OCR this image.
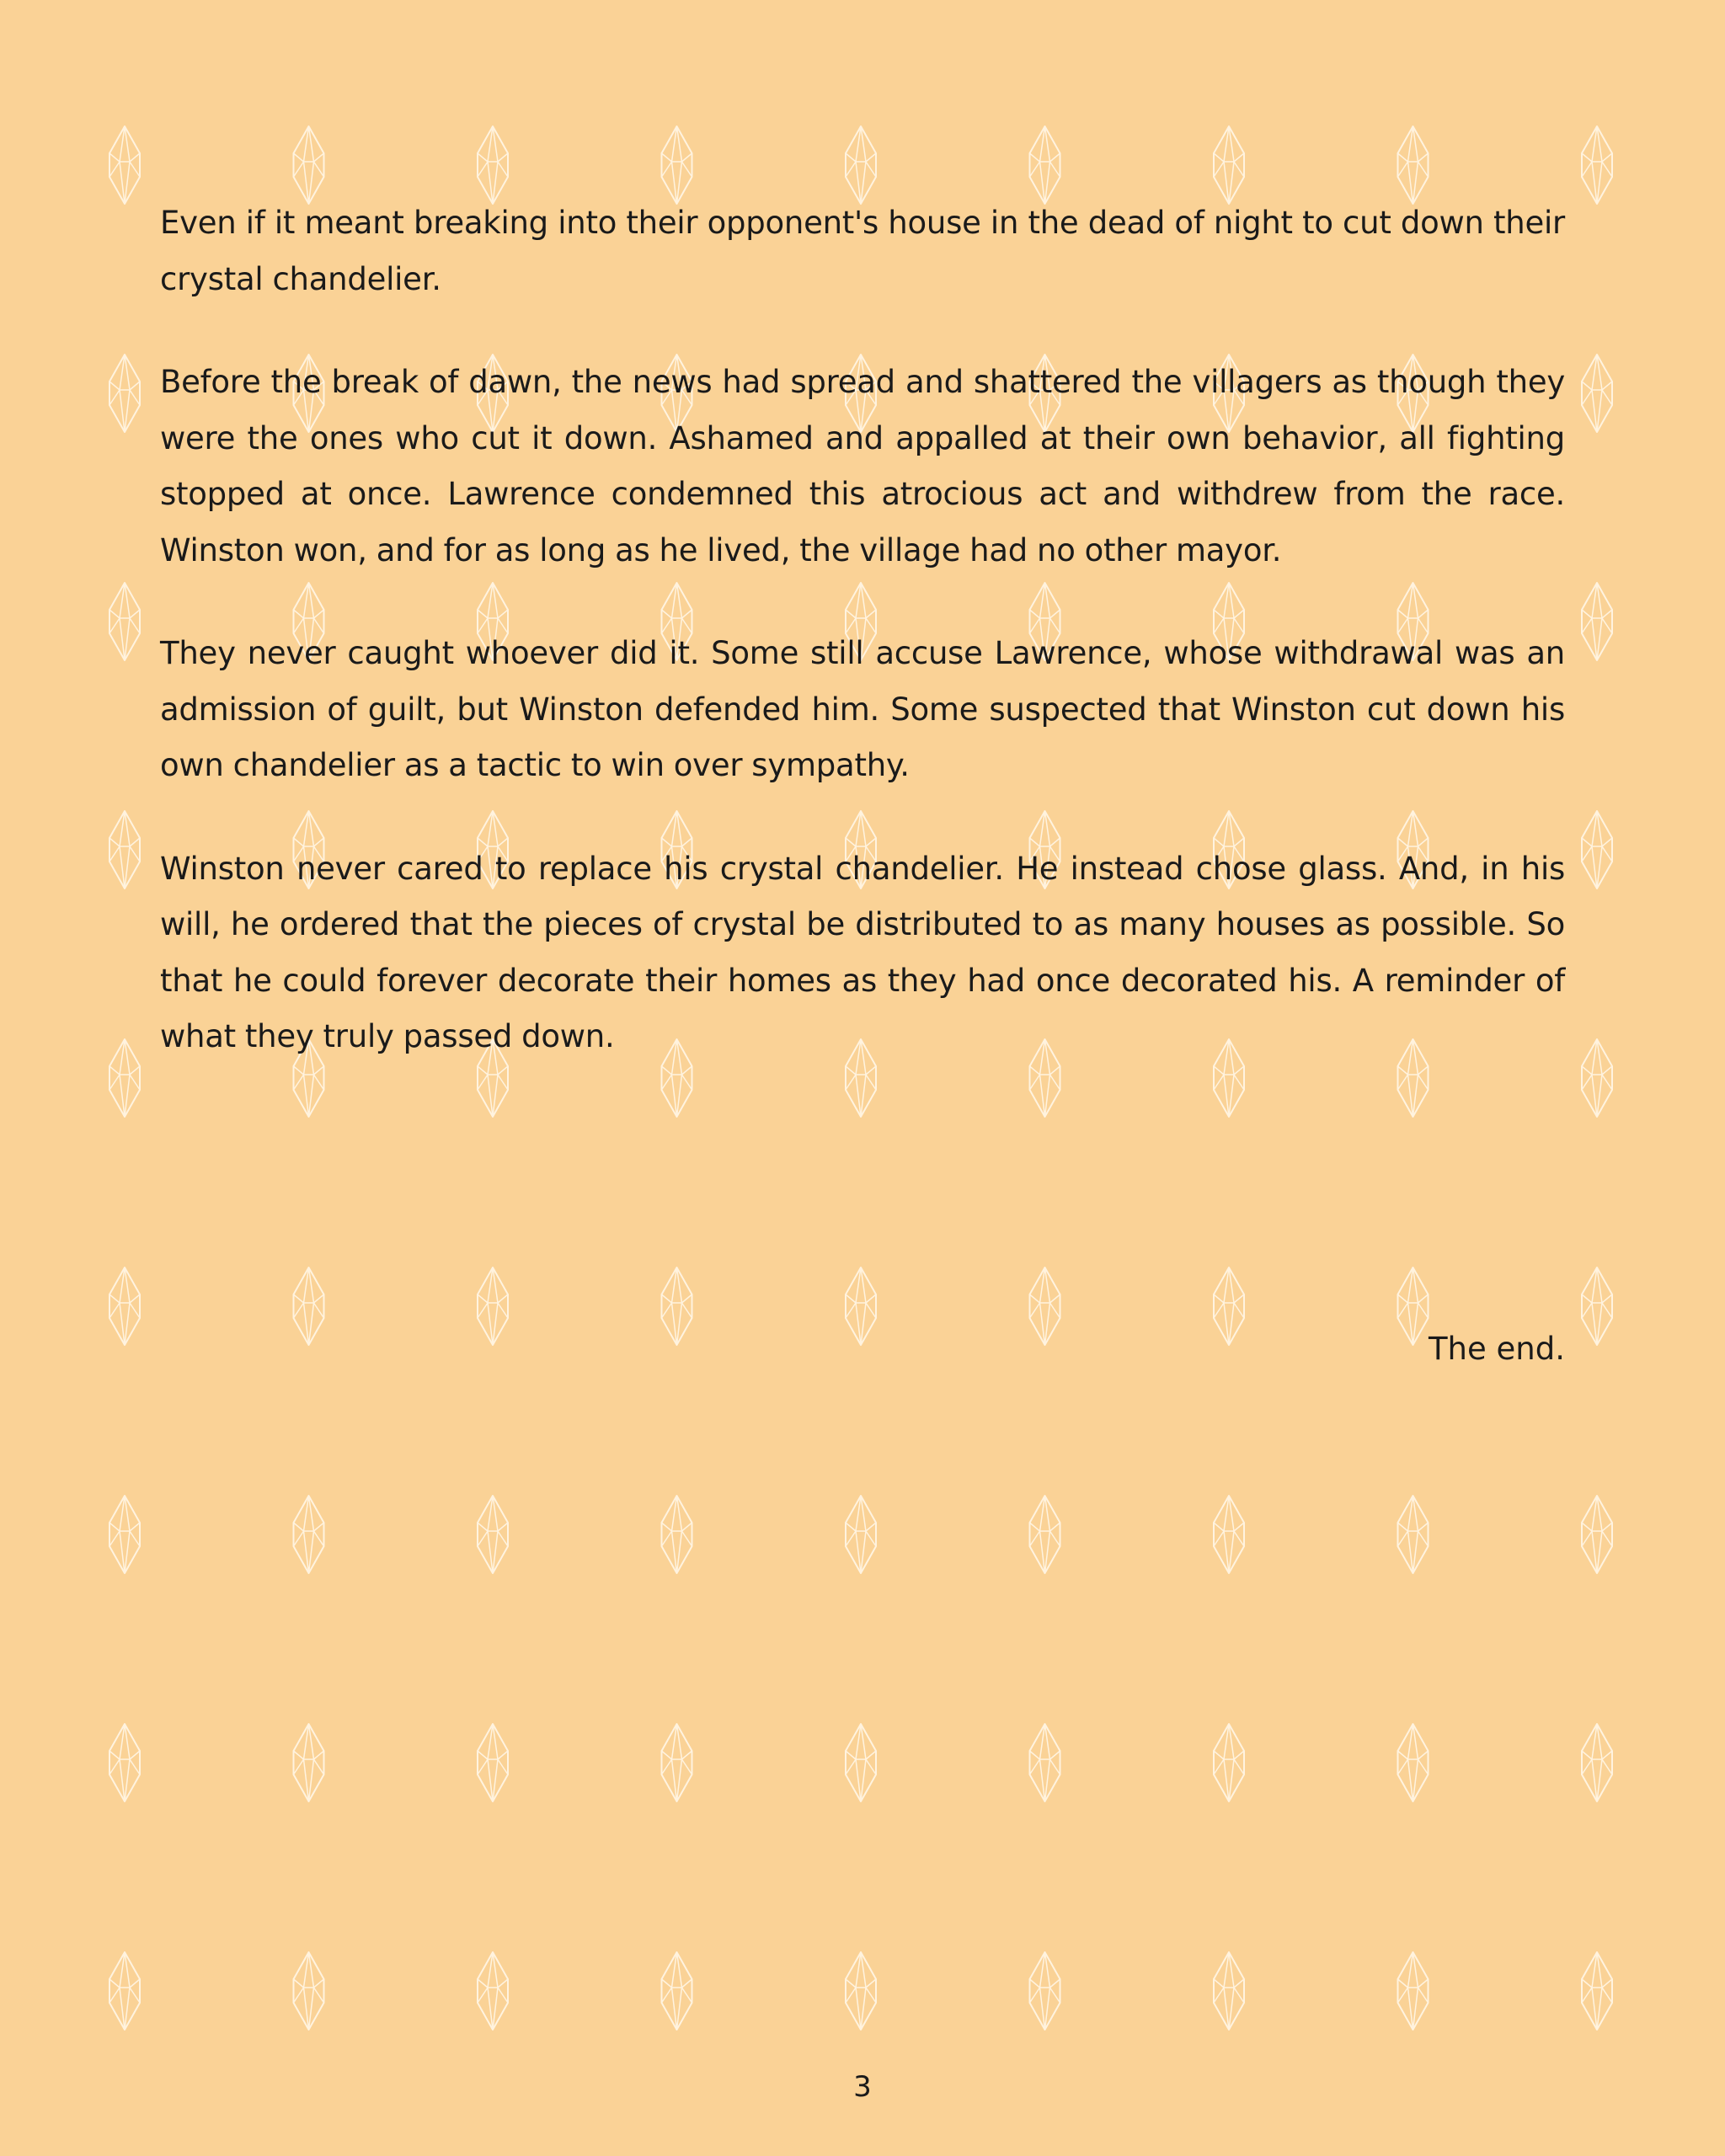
Even if it meant breaking into their opponent's house in the dead of night to cut down their crystal chandelier.

Before the break of dawn, the news had spread and shattered the villagers as though they were the ones who cut it down. Ashamed and appalled at their own behavior, all fighting stopped at once. Lawrence condemned this atrocious act and withdrew from the race. Winston won, and for as long as he lived, the village had no other mayor.

They never caught whoever did it. Some still accuse Lawrence, whose withdrawal was an admission of guilt, but Winston defended him. Some suspected that Winston cut down his own chandelier as a tactic to win over sympathy.

Winston never cared to replace his crystal chandelier. He instead chose glass. And, in his will, he ordered that the pieces of crystal be distributed to as many houses as possible. So that he could forever decorate their homes as they had once decorated his. A reminder of what they truly passed down.

The end.

3
